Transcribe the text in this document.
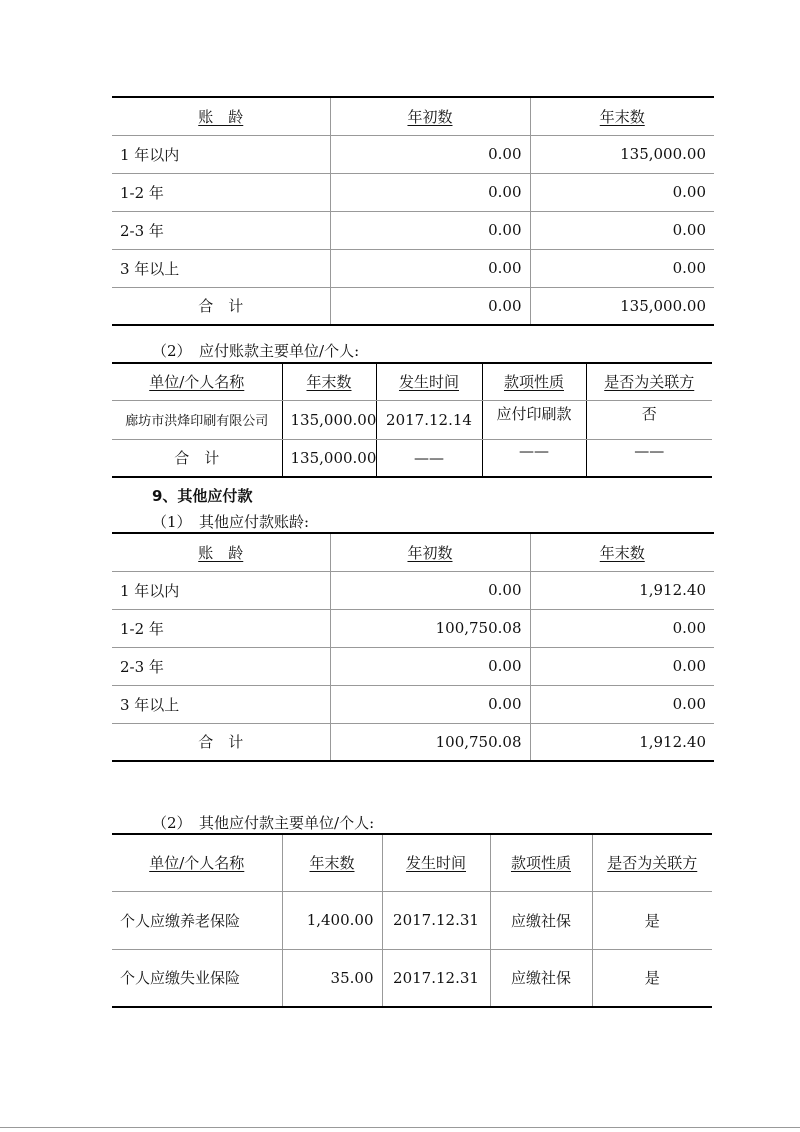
账　龄	年初数	年末数
1 年以内	0.00	135,000.00
1-2 年	0.00	0.00
2-3 年	0.00	0.00
3 年以上	0.00	0.00
合　计	0.00	135,000.00
（2）　应付账款主要单位/个人:
单位/个人名称	年末数	发生时间	款项性质	是否为关联方
廊坊市洪烽印刷有限公司	135,000.00	2017.12.14	应付印刷款	否
合　计	135,000.00	——	——	——
9、其他应付款
（1）　其他应付款账龄:
账　龄	年初数	年末数
1 年以内	0.00	1,912.40
1-2 年	100,750.08	0.00
2-3 年	0.00	0.00
3 年以上	0.00	0.00
合　计	100,750.08	1,912.40
（2）　其他应付款主要单位/个人:
单位/个人名称	年末数	发生时间	款项性质	是否为关联方
个人应缴养老保险	1,400.00	2017.12.31	应缴社保	是
个人应缴失业保险	35.00	2017.12.31	应缴社保	是
